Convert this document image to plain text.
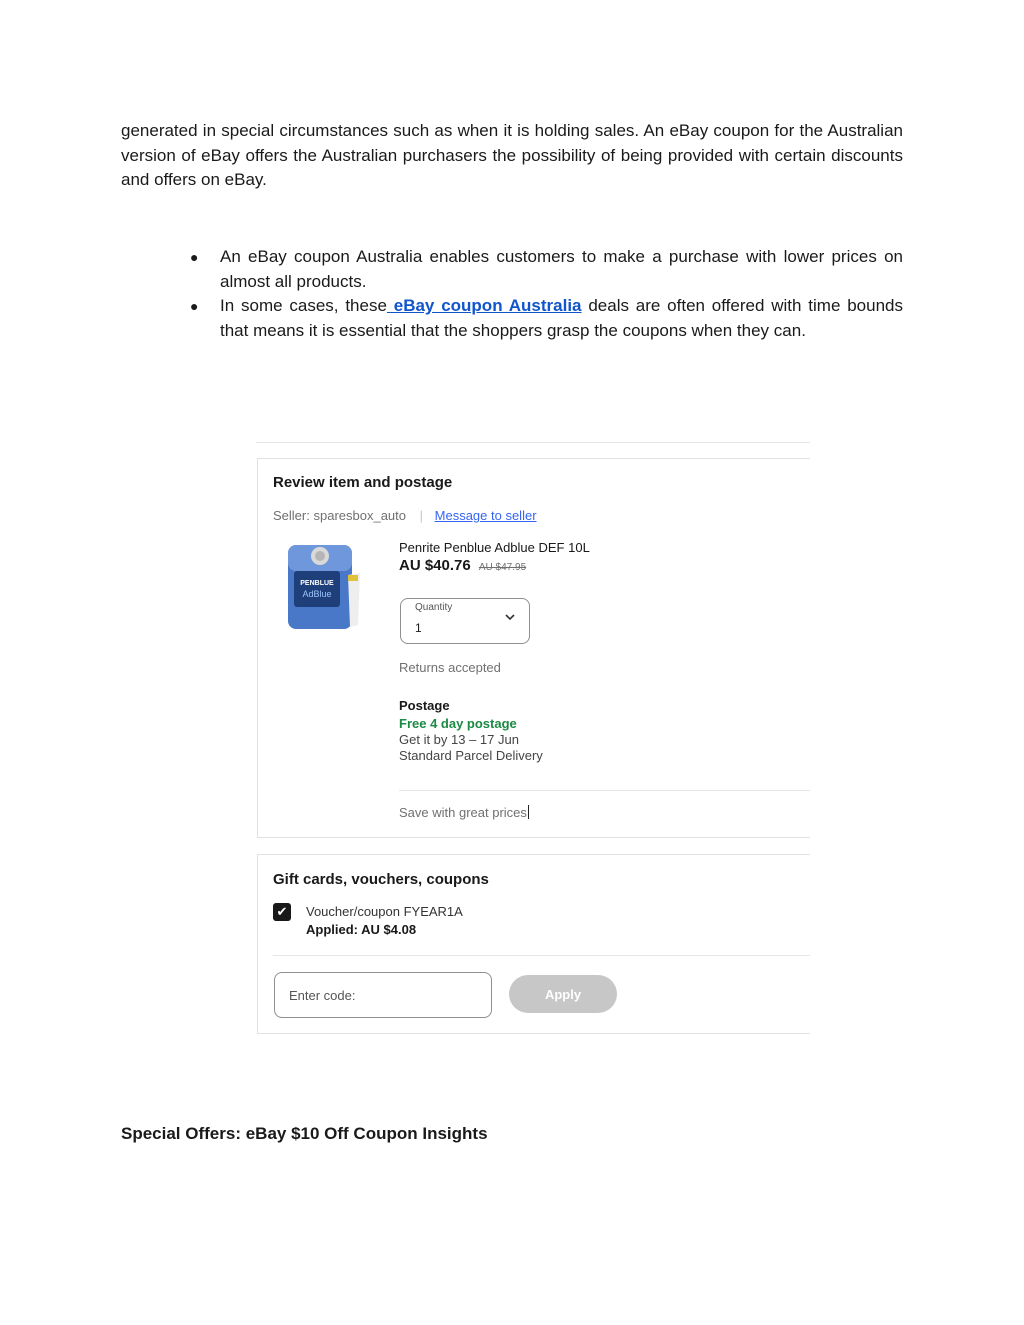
generated in special circumstances such as when it is holding sales. An eBay coupon for the Australian version of eBay offers the Australian purchasers the possibility of being provided with certain discounts and offers on eBay.

● An eBay coupon Australia enables customers to make a purchase with lower prices on almost all products.
● In some cases, these eBay coupon Australia deals are often offered with time bounds that means it is essential that the shoppers grasp the coupons when they can.
Review item and postage
Seller: sparesbox_auto | Message to seller
PENBLUE
AdBlue
Penrite Penblue Adblue DEF 10L
AU $40.76 AU $47.95
Quantity
1
Returns accepted
Postage
Free 4 day postage
Get it by 13 – 17 Jun
Standard Parcel Delivery
Save with great prices
Gift cards, vouchers, coupons
✔ Voucher/coupon FYEAR1A
Applied: AU $4.08
Enter code:
Apply
Special Offers: eBay $10 Off Coupon Insights
